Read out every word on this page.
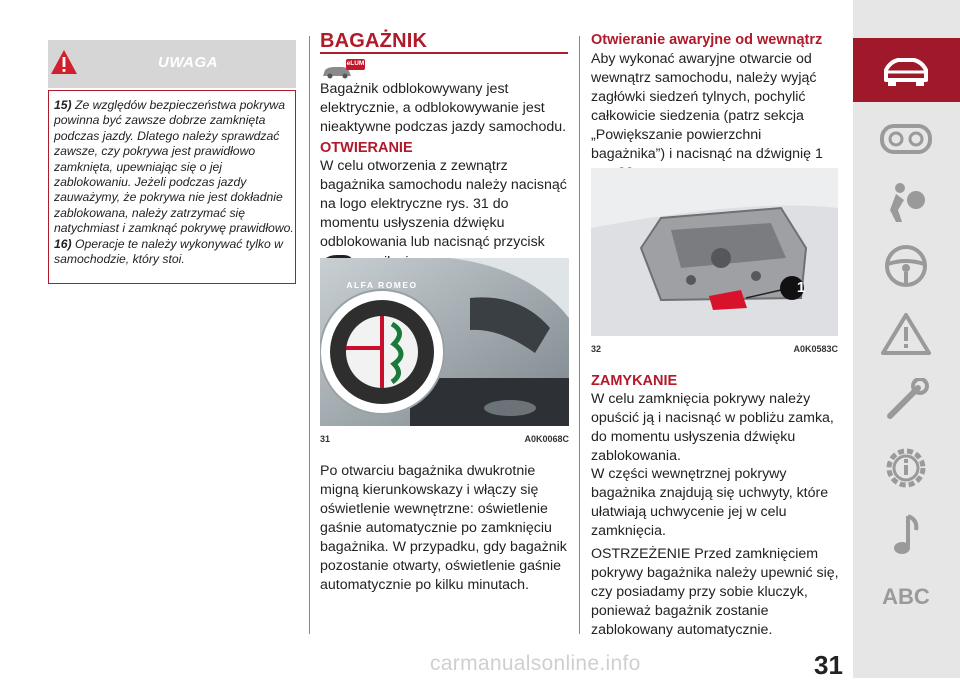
UWAGA
15) Ze względów bezpieczeństwa pokrywa powinna być zawsze dobrze zamknięta podczas jazdy. Dlatego należy sprawdzać zawsze, czy pokrywa jest prawidłowo zamknięta, upewniając się o jej zablokowaniu. Jeżeli podczas jazdy zauważymy, że pokrywa nie jest dokładnie zablokowana, należy zatrzymać się natychmiast i zamknąć pokrywę prawidłowo.
16) Operacje te należy wykonywać tylko w samochodzie, który stoi.
BAGAŻNIK
eLUM
Bagażnik odblokowywany jest elektrycznie, a odblokowywanie jest nieaktywne podczas jazdy samochodu.
OTWIERANIE
W celu otworzenia z zewnątrz bagażnika samochodu należy nacisnąć na logo elektryczne rys. 31 do momentu usłyszenia dźwięku odblokowania lub nacisnąć przycisk
ALFA ROMEO
31	A0K0068C
Po otwarciu bagażnika dwukrotnie migną kierunkowskazy i włączy się oświetlenie wewnętrzne: oświetlenie gaśnie automatycznie po zamknięciu bagażnika. W przypadku, gdy bagażnik pozostanie otwarty, oświetlenie gaśnie automatycznie po kilku minutach.
Otwieranie awaryjne od wewnątrz
Aby wykonać awaryjne otwarcie od wewnątrz samochodu, należy wyjąć zagłówki siedzeń tylnych, pochylić całkowicie siedzenia (patrz sekcja „Powiększanie powierzchni bagażnika”) i nacisnąć na dźwignię 1
1
32	A0K0583C
ZAMYKANIE
W celu zamknięcia pokrywy należy opuścić ją i nacisnąć w pobliżu zamka, do momentu usłyszenia dźwięku zablokowania.
W części wewnętrznej pokrywy bagażnika znajdują się uchwyty, które ułatwiają uchwycenie jej w celu zamknięcia.
OSTRZEŻENIE Przed zamknięciem pokrywy bagażnika należy upewnić się, czy posiadamy przy sobie kluczyk, ponieważ bagażnik zostanie zablokowany automatycznie.
ABC
31
carmanualsonline.info
